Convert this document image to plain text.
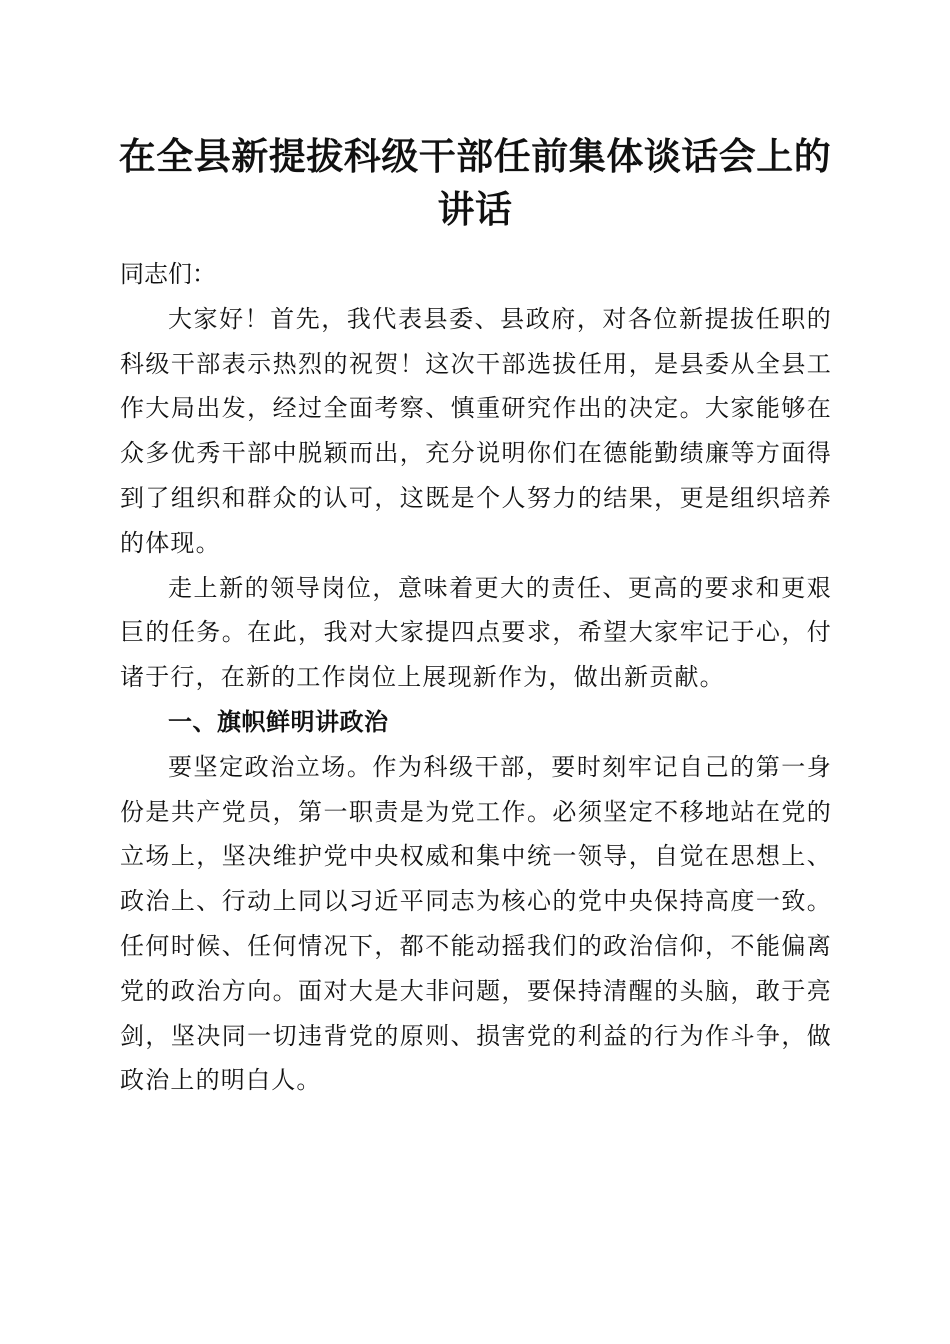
在全县新提拔科级干部任前集体谈话会上的讲话

同志们：

大家好！首先，我代表县委、县政府，对各位新提拔任职的科级干部表示热烈的祝贺！这次干部选拔任用，是县委从全县工作大局出发，经过全面考察、慎重研究作出的决定。大家能够在众多优秀干部中脱颖而出，充分说明你们在德能勤绩廉等方面得到了组织和群众的认可，这既是个人努力的结果，更是组织培养的体现。

走上新的领导岗位，意味着更大的责任、更高的要求和更艰巨的任务。在此，我对大家提四点要求，希望大家牢记于心，付诸于行，在新的工作岗位上展现新作为，做出新贡献。

一、旗帜鲜明讲政治

要坚定政治立场。作为科级干部，要时刻牢记自己的第一身份是共产党员，第一职责是为党工作。必须坚定不移地站在党的立场上，坚决维护党中央权威和集中统一领导，自觉在思想上、政治上、行动上同以习近平同志为核心的党中央保持高度一致。任何时候、任何情况下，都不能动摇我们的政治信仰，不能偏离党的政治方向。面对大是大非问题，要保持清醒的头脑，敢于亮剑，坚决同一切违背党的原则、损害党的利益的行为作斗争，做政治上的明白人。
